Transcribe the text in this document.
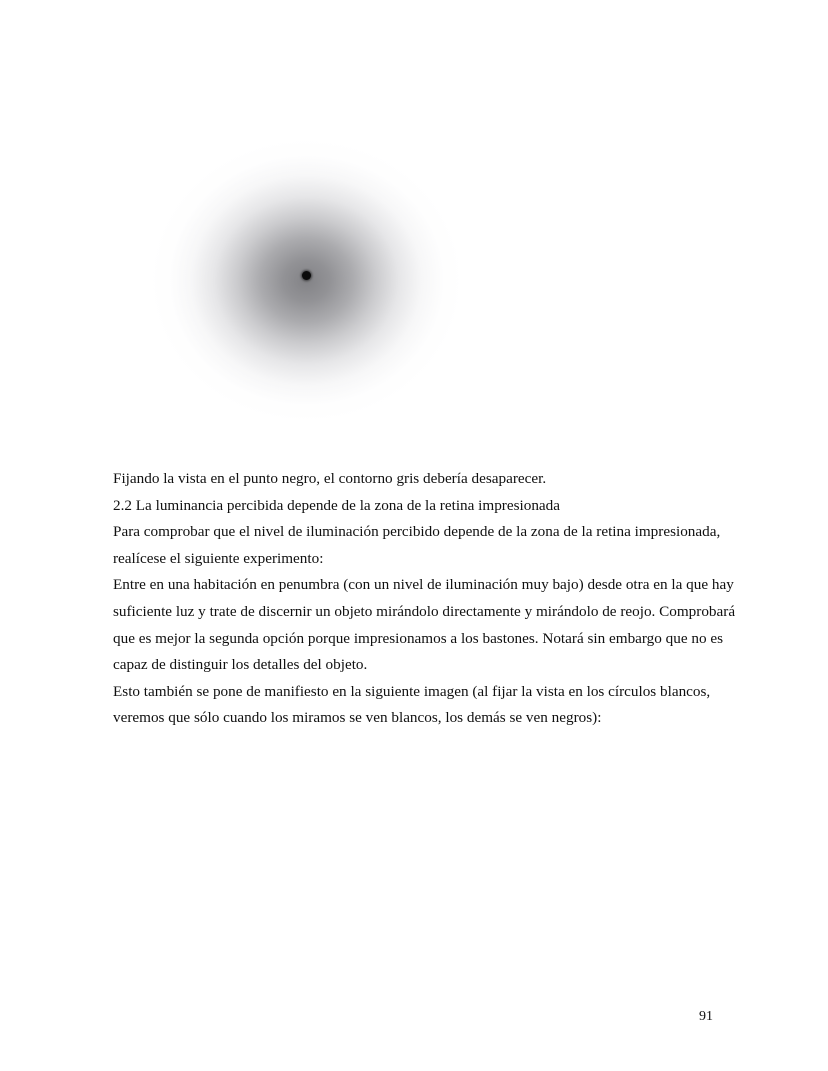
Fijando la vista en el punto negro, el contorno gris debería desaparecer.

2.2 La luminancia percibida depende de la zona de la retina impresionada

Para comprobar que el nivel de iluminación percibido depende de la zona de la retina impresionada, realícese el siguiente experimento:

Entre en una habitación en penumbra (con un nivel de iluminación muy bajo) desde otra en la que hay suficiente luz y trate de discernir un objeto mirándolo directamente y mirándolo de reojo. Comprobará que es mejor la segunda opción porque impresionamos a los bastones. Notará sin embargo que no es capaz de distinguir los detalles del objeto.

Esto también se pone de manifiesto en la siguiente imagen (al fijar la vista en los círculos blancos, veremos que sólo cuando los miramos se ven blancos, los demás se ven negros):

91
